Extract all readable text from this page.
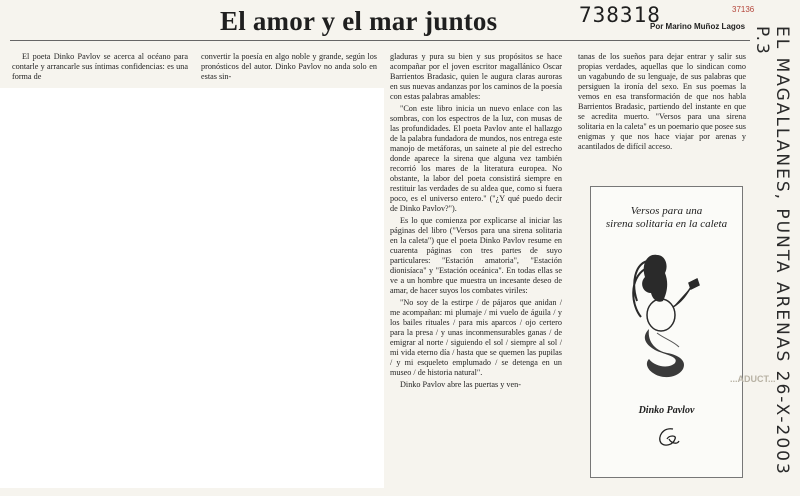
738318	37136
El amor y el mar juntos	Por Marino Muñoz Lagos

El poeta Dinko Pavlov se acerca al océano para contarle y arrancarle sus íntimas confidencias: es una forma de

convertir la poesía en algo noble y grande, según los pronósticos del autor. Dinko Pavlov no anda solo en estas sin-

gladuras y pura su bien y sus propósitos se hace acompañar por el joven escritor magallánico Oscar Barrientos Bradasic, quien le augura claras auroras en sus nuevas andanzas por los caminos de la poesía con estas palabras amables:

"Con este libro inicia un nuevo enlace con las sombras, con los espectros de la luz, con musas de las profundidades. El poeta Pavlov ante el hallazgo de la palabra fundadora de mundos, nos entrega este manojo de metáforas, un sainete al pie del estrecho donde aparece la sirena que alguna vez también recorrió los mares de la literatura europea. No obstante, la labor del poeta consistirá siempre en restituir las verdades de su aldea que, como si fuera poco, es el universo entero." ("¿Y qué puedo decir de Dinko Pavlov?").

Es lo que comienza por explicarse al iniciar las páginas del libro ("Versos para una sirena solitaria en la caleta") que el poeta Dinko Pavlov resume en cuarenta páginas con tres partes de suyo particulares: "Estación amatoria", "Estación dionisíaca" y "Estación oceánica". En todas ellas se ve a un hombre que muestra un incesante deseo de amar, de hacer suyos los combates viriles:

"No soy de la estirpe / de pájaros que anidan / me acompañan: mi plumaje / mi vuelo de águila / y los bailes rituales / para mis aparcos / ojo certero para la presa / y unas inconmensurables ganas / de emigrar al norte / siguiendo el sol / siempre al sol / mi vida eterno día / hasta que se quemen las pupilas / y mi esqueleto emplumado / se detenga en un museo / de historia natural".

Dinko Pavlov abre las puertas y ven-

tanas de los sueños para dejar entrar y salir sus propias verdades, aquellas que lo sindican como un vagabundo de su lenguaje, de sus palabras que persiguen la ironía del sexo. En sus poemas la vemos en esa transformación de que nos habla Barrientos Bradasic, partiendo del instante en que se acredita muerto. "Versos para una sirena solitaria en la caleta" es un poemario que posee sus enigmas y que nos hace viajar por arenas y acantilados de difícil acceso.

Versos para una
sirena solitaria en la caleta
Dinko Pavlov
...ADUCT...
EL MAGALLANES, PUNTA ARENAS 26-X-2003 P.3
